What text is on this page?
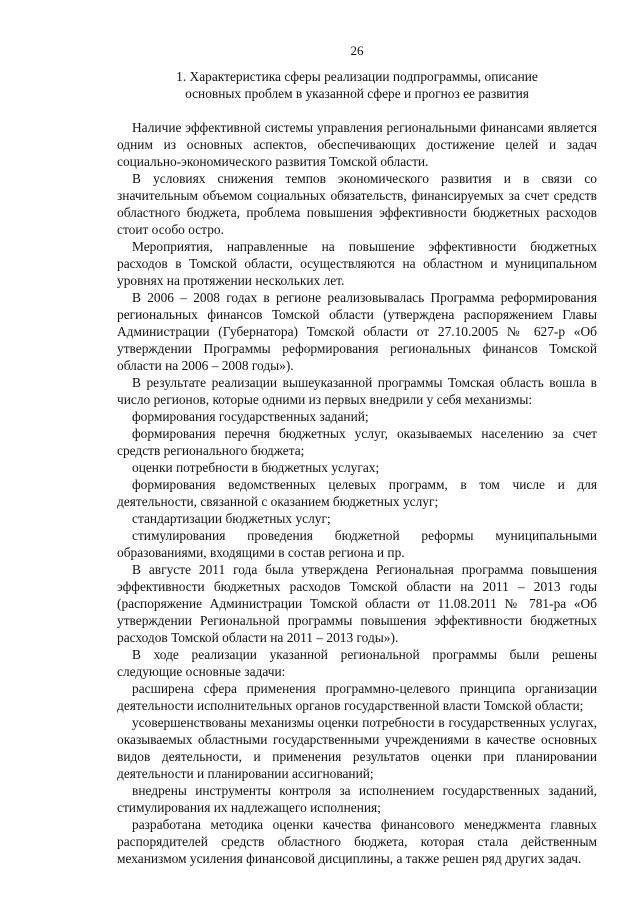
26
1. Характеристика сферы реализации подпрограммы, описание
основных проблем в указанной сфере и прогноз ее развития

Наличие эффективной системы управления региональными финансами является одним из основных аспектов, обеспечивающих достижение целей и задач социально-экономического развития Томской области.

В условиях снижения темпов экономического развития и в связи со значительным объемом социальных обязательств, финансируемых за счет средств областного бюджета, проблема повышения эффективности бюджетных расходов стоит особо остро.

Мероприятия, направленные на повышение эффективности бюджетных расходов в Томской области, осуществляются на областном и муниципальном уровнях на протяжении нескольких лет.

В 2006 – 2008 годах в регионе реализовывалась Программа реформирования региональных финансов Томской области (утверждена распоряжением Главы Администрации (Губернатора) Томской области от 27.10.2005 № 627-р «Об утверждении Программы реформирования региональных финансов Томской области на 2006 – 2008 годы»).

В результате реализации вышеуказанной программы Томская область вошла в число регионов, которые одними из первых внедрили у себя механизмы:

формирования государственных заданий;

формирования перечня бюджетных услуг, оказываемых населению за счет средств регионального бюджета;

оценки потребности в бюджетных услугах;

формирования ведомственных целевых программ, в том числе и для деятельности, связанной с оказанием бюджетных услуг;

стандартизации бюджетных услуг;

стимулирования проведения бюджетной реформы муниципальными образованиями, входящими в состав региона и пр.

В августе 2011 года была утверждена Региональная программа повышения эффективности бюджетных расходов Томской области на 2011 – 2013 годы (распоряжение Администрации Томской области от 11.08.2011 № 781-ра «Об утверждении Региональной программы повышения эффективности бюджетных расходов Томской области на 2011 – 2013 годы»).

В ходе реализации указанной региональной программы были решены следующие основные задачи:

расширена сфера применения программно-целевого принципа организации деятельности исполнительных органов государственной власти Томской области;

усовершенствованы механизмы оценки потребности в государственных услугах, оказываемых областными государственными учреждениями в качестве основных видов деятельности, и применения результатов оценки при планировании деятельности и планировании ассигнований;

внедрены инструменты контроля за исполнением государственных заданий, стимулирования их надлежащего исполнения;

разработана методика оценки качества финансового менеджмента главных распорядителей средств областного бюджета, которая стала действенным механизмом усиления финансовой дисциплины, а также решен ряд других задач.
